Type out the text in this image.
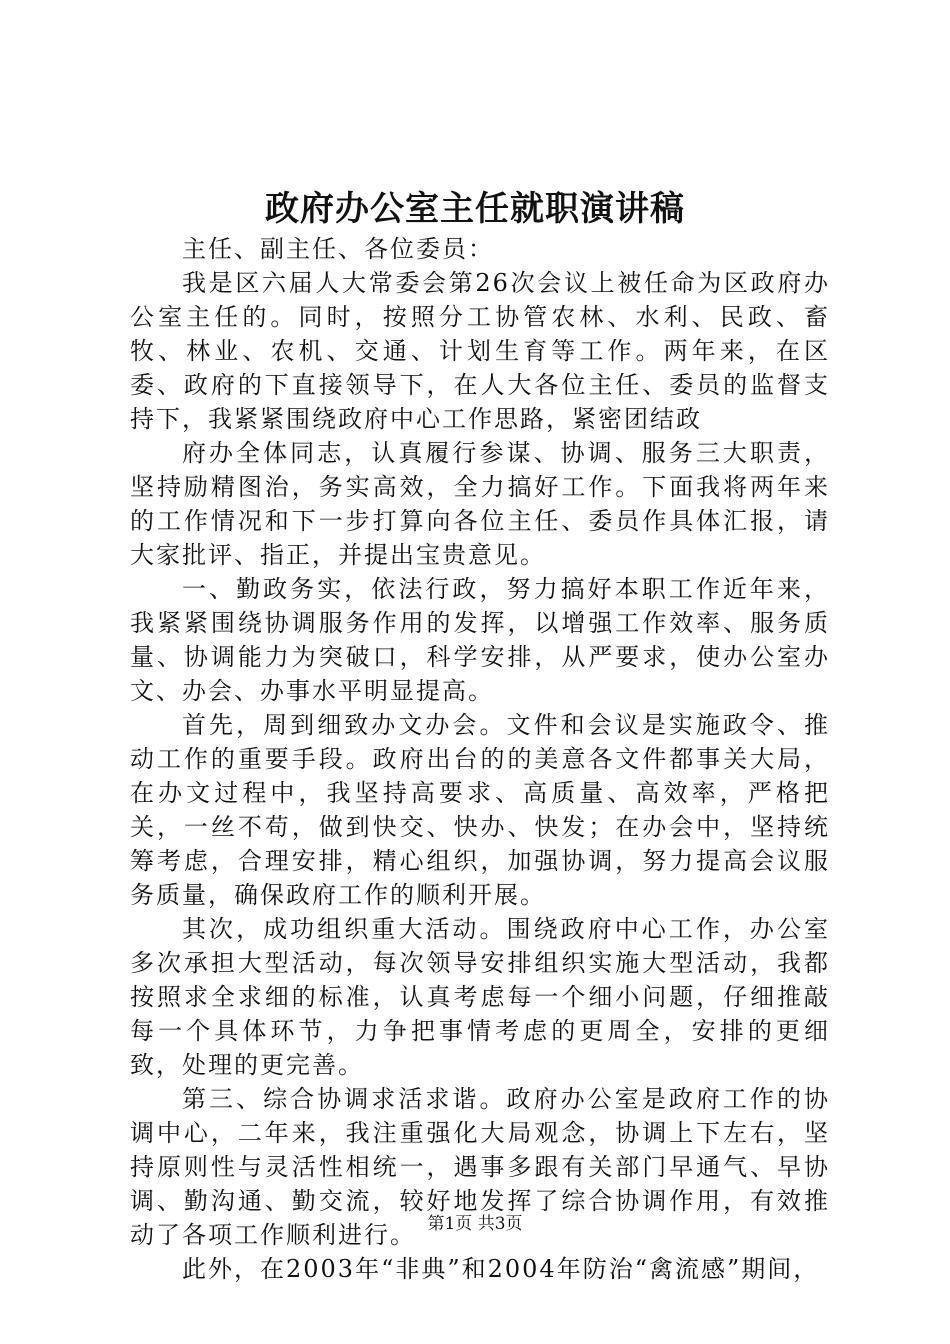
政府办公室主任就职演讲稿

主任、副主任、各位委员：

我是区六届人大常委会第26次会议上被任命为区政府办公室主任的。同时，按照分工协管农林、水利、民政、畜牧、林业、农机、交通、计划生育等工作。两年来，在区委、政府的下直接领导下，在人大各位主任、委员的监督支持下，我紧紧围绕政府中心工作思路，紧密团结政

府办全体同志，认真履行参谋、协调、服务三大职责，坚持励精图治，务实高效，全力搞好工作。下面我将两年来的工作情况和下一步打算向各位主任、委员作具体汇报，请大家批评、指正，并提出宝贵意见。

一、勤政务实，依法行政，努力搞好本职工作近年来，我紧紧围绕协调服务作用的发挥，以增强工作效率、服务质量、协调能力为突破口，科学安排，从严要求，使办公室办文、办会、办事水平明显提高。

首先，周到细致办文办会。文件和会议是实施政令、推动工作的重要手段。政府出台的的美意各文件都事关大局，在办文过程中，我坚持高要求、高质量、高效率，严格把关，一丝不苟，做到快交、快办、快发；在办会中，坚持统筹考虑，合理安排，精心组织，加强协调，努力提高会议服务质量，确保政府工作的顺利开展。

其次，成功组织重大活动。围绕政府中心工作，办公室多次承担大型活动，每次领导安排组织实施大型活动，我都按照求全求细的标准，认真考虑每一个细小问题，仔细推敲每一个具体环节，力争把事情考虑的更周全，安排的更细致，处理的更完善。

第三、综合协调求活求谐。政府办公室是政府工作的协调中心，二年来，我注重强化大局观念，协调上下左右，坚持原则性与灵活性相统一，遇事多跟有关部门早通气、早协调、勤沟通、勤交流，较好地发挥了综合协调作用，有效推动了各项工作顺利进行。

此外，在2003年“非典”和2004年防治“禽流感”期间，

第1页 共3页
